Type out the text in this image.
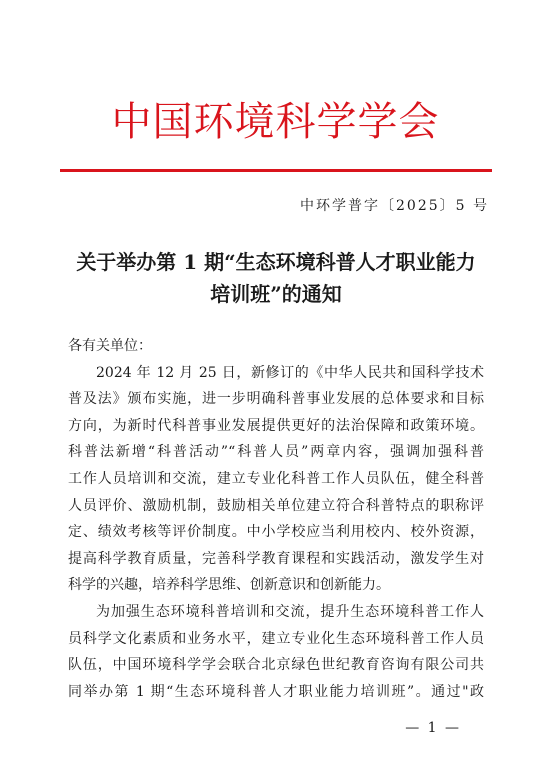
中国环境科学学会
中环学普字〔2025〕5 号
关于举办第 1 期“生态环境科普人才职业能力
培训班”的通知
各有关单位：
2024 年 12 月 25 日，新修订的《中华人民共和国科学技术
普及法》颁布实施，进一步明确科普事业发展的总体要求和目标
方向，为新时代科普事业发展提供更好的法治保障和政策环境。
科普法新增“科普活动”“科普人员”两章内容，强调加强科普
工作人员培训和交流，建立专业化科普工作人员队伍，健全科普
人员评价、激励机制，鼓励相关单位建立符合科普特点的职称评
定、绩效考核等评价制度。中小学校应当利用校内、校外资源，
提高科学教育质量，完善科学教育课程和实践活动，激发学生对
科学的兴趣，培养科学思维、创新意识和创新能力。
为加强生态环境科普培训和交流，提升生态环境科普工作人
员科学文化素质和业务水平，建立专业化生态环境科普工作人员
队伍，中国环境科学学会联合北京绿色世纪教育咨询有限公司共
同举办第 1 期“生态环境科普人才职业能力培训班”。通过"政
— 1 —
